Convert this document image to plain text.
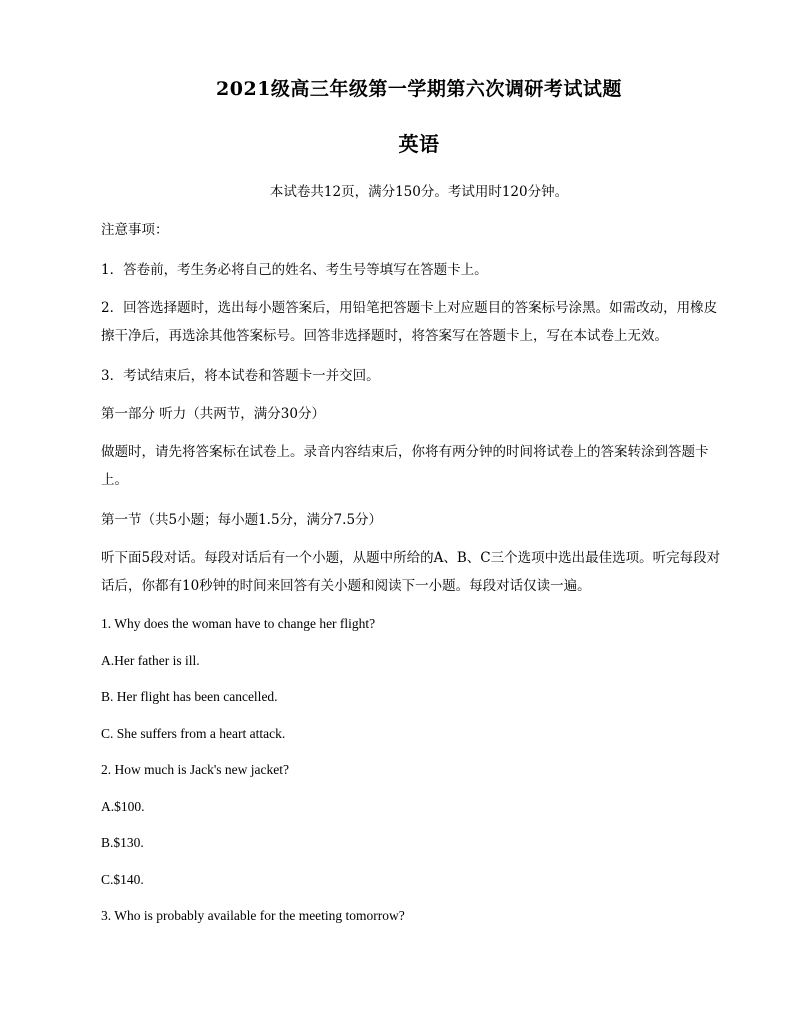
2021级高三年级第一学期第六次调研考试试题
英语
本试卷共12页，满分150分。考试用时120分钟。
注意事项：
1．答卷前，考生务必将自己的姓名、考生号等填写在答题卡上。
2．回答选择题时，选出每小题答案后，用铅笔把答题卡上对应题目的答案标号涂黑。如需改动，用橡皮擦干净后，再选涂其他答案标号。回答非选择题时，将答案写在答题卡上，写在本试卷上无效。
3．考试结束后，将本试卷和答题卡一并交回。
第一部分 听力（共两节，满分30分）
做题时，请先将答案标在试卷上。录音内容结束后，你将有两分钟的时间将试卷上的答案转涂到答题卡上。
第一节（共5小题；每小题1.5分，满分7.5分）
听下面5段对话。每段对话后有一个小题，从题中所给的A、B、C三个选项中选出最佳选项。听完每段对话后，你都有10秒钟的时间来回答有关小题和阅读下一小题。每段对话仅读一遍。
1. Why does the woman have to change her flight?
A.Her father is ill.
B. Her flight has been cancelled.
C. She suffers from a heart attack.
2. How much is Jack's new jacket?
A.$100.
B.$130.
C.$140.
3. Who is probably available for the meeting tomorrow?
